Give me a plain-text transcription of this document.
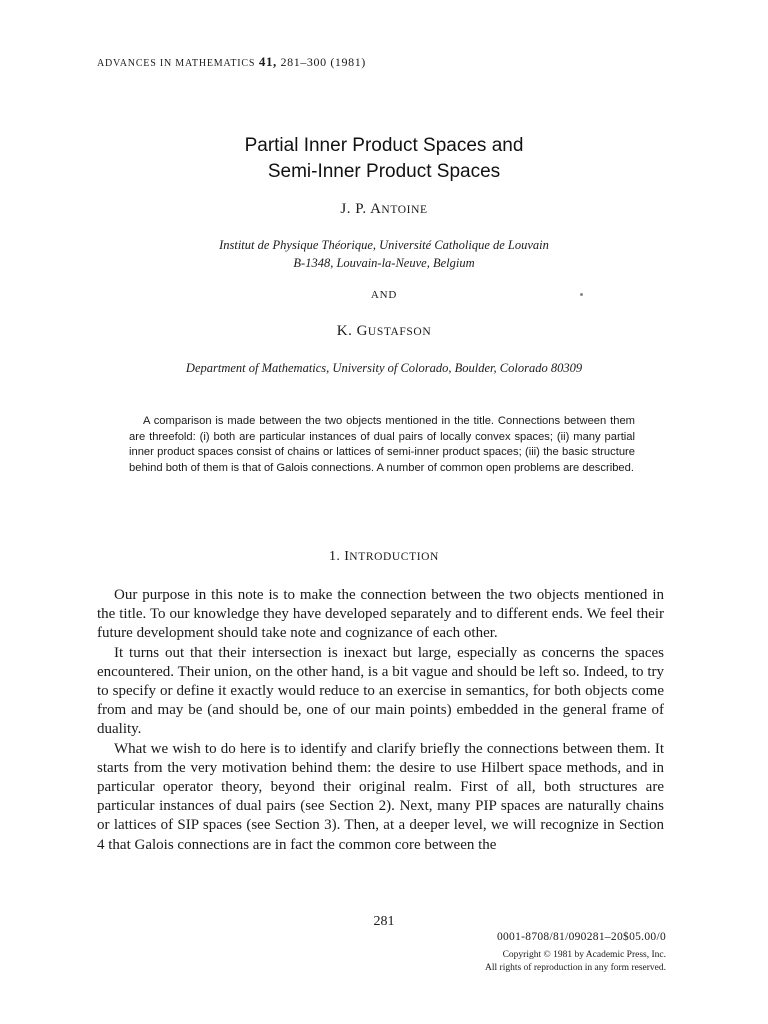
ADVANCES IN MATHEMATICS 41, 281–300 (1981)
Partial Inner Product Spaces and
Semi-Inner Product Spaces
J. P. ANTOINE
Institut de Physique Théorique, Université Catholique de Louvain
B-1348, Louvain-la-Neuve, Belgium
AND
K. GUSTAFSON
Department of Mathematics, University of Colorado, Boulder, Colorado 80309
A comparison is made between the two objects mentioned in the title. Connections between them are threefold: (i) both are particular instances of dual pairs of locally convex spaces; (ii) many partial inner product spaces consist of chains or lattices of semi-inner product spaces; (iii) the basic structure behind both of them is that of Galois connections. A number of common open problems are described.
1. INTRODUCTION

Our purpose in this note is to make the connection between the two objects mentioned in the title. To our knowledge they have developed separately and to different ends. We feel their future development should take note and cognizance of each other.

It turns out that their intersection is inexact but large, especially as concerns the spaces encountered. Their union, on the other hand, is a bit vague and should be left so. Indeed, to try to specify or define it exactly would reduce to an exercise in semantics, for both objects come from and may be (and should be, one of our main points) embedded in the general frame of duality.

What we wish to do here is to identify and clarify briefly the connections between them. It starts from the very motivation behind them: the desire to use Hilbert space methods, and in particular operator theory, beyond their original realm. First of all, both structures are particular instances of dual pairs (see Section 2). Next, many PIP spaces are naturally chains or lattices of SIP spaces (see Section 3). Then, at a deeper level, we will recognize in Section 4 that Galois connections are in fact the common core between the

281
0001-8708/81/090281–20$05.00/0
Copyright © 1981 by Academic Press, Inc.
All rights of reproduction in any form reserved.
